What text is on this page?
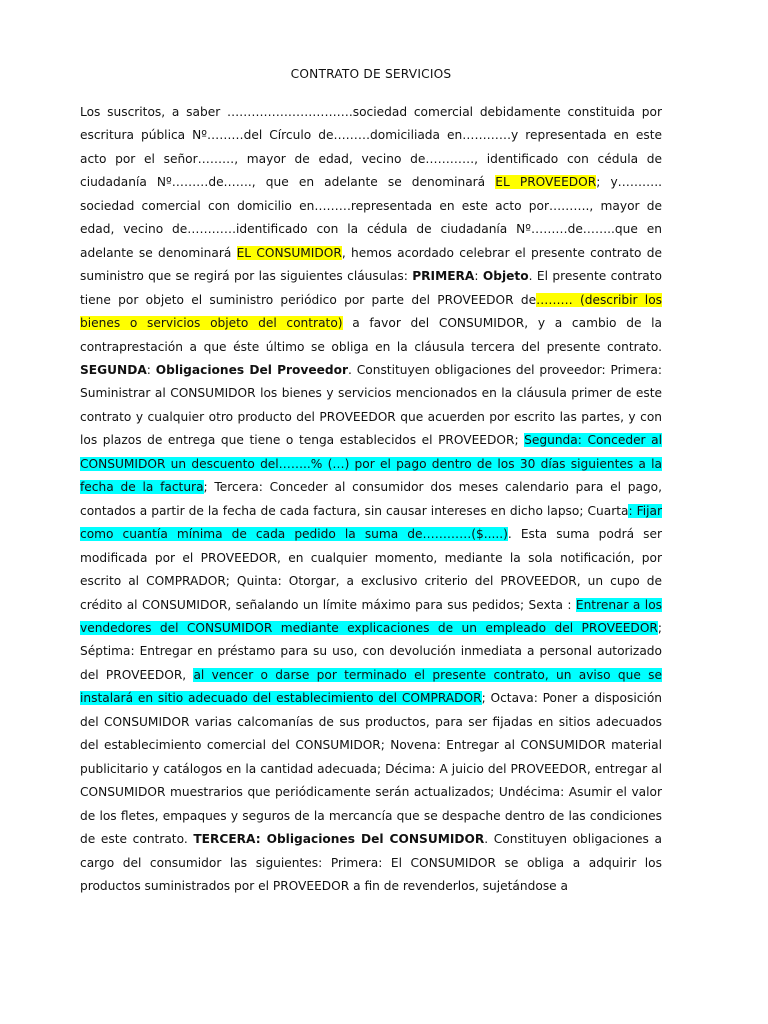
CONTRATO DE SERVICIOS

Los suscritos, a saber ………………………….sociedad comercial debidamente constituida por escritura pública Nº………del Círculo de………domiciliada en…………y representada en este acto por el señor………, mayor de edad, vecino de…………, identificado con cédula de ciudadanía Nº………de……., que en adelante se denominará EL PROVEEDOR; y……….. sociedad comercial con domicilio en………representada en este acto por………., mayor de edad, vecino de…………identificado con la cédula de ciudadanía Nº………de……..que en adelante se denominará EL CONSUMIDOR, hemos acordado celebrar el presente contrato de suministro que se regirá por las siguientes cláusulas: PRIMERA: Objeto. El presente contrato tiene por objeto el suministro periódico por parte del PROVEEDOR de……… (describir los bienes o servicios objeto del contrato) a favor del CONSUMIDOR, y a cambio de la contraprestación a que éste último se obliga en la cláusula tercera del presente contrato. SEGUNDA: Obligaciones Del Proveedor. Constituyen obligaciones del proveedor: Primera: Suministrar al CONSUMIDOR los bienes y servicios mencionados en la cláusula primer de este contrato y cualquier otro producto del PROVEEDOR que acuerden por escrito las partes, y con los plazos de entrega que tiene o tenga establecidos el PROVEEDOR; Segunda: Conceder al CONSUMIDOR un descuento del……..% (…) por el pago dentro de los 30 días siguientes a la fecha de la factura; Tercera: Conceder al consumidor dos meses calendario para el pago, contados a partir de la fecha de cada factura, sin causar intereses en dicho lapso; Cuarta: Fijar como cuantía mínima de cada pedido la suma de…………($.....). Esta suma podrá ser modificada por el PROVEEDOR, en cualquier momento, mediante la sola notificación, por escrito al COMPRADOR; Quinta: Otorgar, a exclusivo criterio del PROVEEDOR, un cupo de crédito al CONSUMIDOR, señalando un límite máximo para sus pedidos; Sexta : Entrenar a los vendedores del CONSUMIDOR mediante explicaciones de un empleado del PROVEEDOR; Séptima: Entregar en préstamo para su uso, con devolución inmediata a personal autorizado del PROVEEDOR, al vencer o darse por terminado el presente contrato, un aviso que se instalará en sitio adecuado del establecimiento del COMPRADOR; Octava: Poner a disposición del CONSUMIDOR varias calcomanías de sus productos, para ser fijadas en sitios adecuados del establecimiento comercial del CONSUMIDOR; Novena: Entregar al CONSUMIDOR material publicitario y catálogos en la cantidad adecuada; Décima: A juicio del PROVEEDOR, entregar al CONSUMIDOR muestrarios que periódicamente serán actualizados; Undécima: Asumir el valor de los fletes, empaques y seguros de la mercancía que se despache dentro de las condiciones de este contrato. TERCERA: Obligaciones Del CONSUMIDOR. Constituyen obligaciones a cargo del consumidor las siguientes: Primera: El CONSUMIDOR se obliga a adquirir los productos suministrados por el PROVEEDOR a fin de revenderlos, sujetándose a
